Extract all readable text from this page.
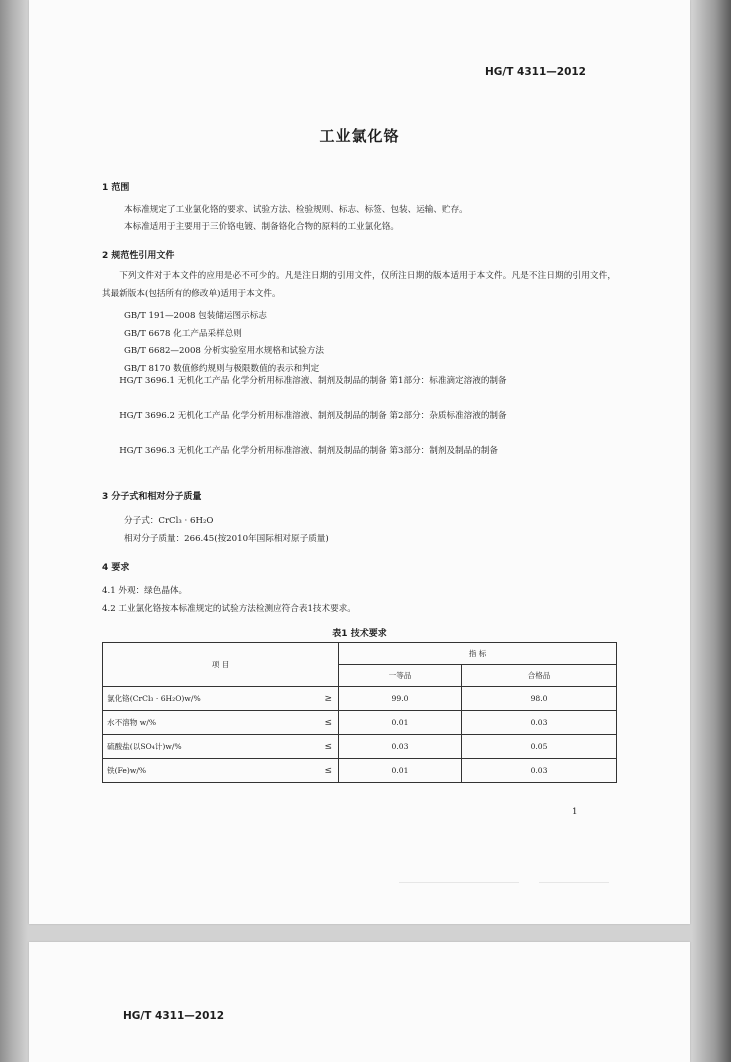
HG/T 4311—2012
工业氯化铬
1 范围
本标准规定了工业氯化铬的要求、试验方法、检验规则、标志、标签、包装、运输、贮存。
本标准适用于主要用于三价铬电镀、制备铬化合物的原料的工业氯化铬。
2 规范性引用文件
下列文件对于本文件的应用是必不可少的。凡是注日期的引用文件，仅所注日期的版本适用于本文件。凡是不注日期的引用文件，其最新版本(包括所有的修改单)适用于本文件。
GB/T 191—2008 包装储运图示标志
GB/T 6678 化工产品采样总则
GB/T 6682—2008 分析实验室用水规格和试验方法
GB/T 8170 数值修约规则与极限数值的表示和判定
HG/T 3696.1 无机化工产品 化学分析用标准溶液、制剂及制品的制备 第1部分：标准滴定溶液的制备
HG/T 3696.2 无机化工产品 化学分析用标准溶液、制剂及制品的制备 第2部分：杂质标准溶液的制备
HG/T 3696.3 无机化工产品 化学分析用标准溶液、制剂及制品的制备 第3部分：制剂及制品的制备
3 分子式和相对分子质量
分子式：CrCl₃ · 6H₂O
相对分子质量：266.45(按2010年国际相对原子质量)
4 要求
4.1 外观：绿色晶体。
4.2 工业氯化铬按本标准规定的试验方法检测应符合表1技术要求。
表1 技术要求
项 目		指 标	
		一等品	合格品
氯化铬(CrCl₃ · 6H₂O)w/%	≥	99.0	98.0
水不溶物 w/%	≤	0.01	0.03
硫酸盐(以SO₄计)w/%	≤	0.03	0.05
铁(Fe)w/%	≤	0.01	0.03
1
HG/T 4311—2012
